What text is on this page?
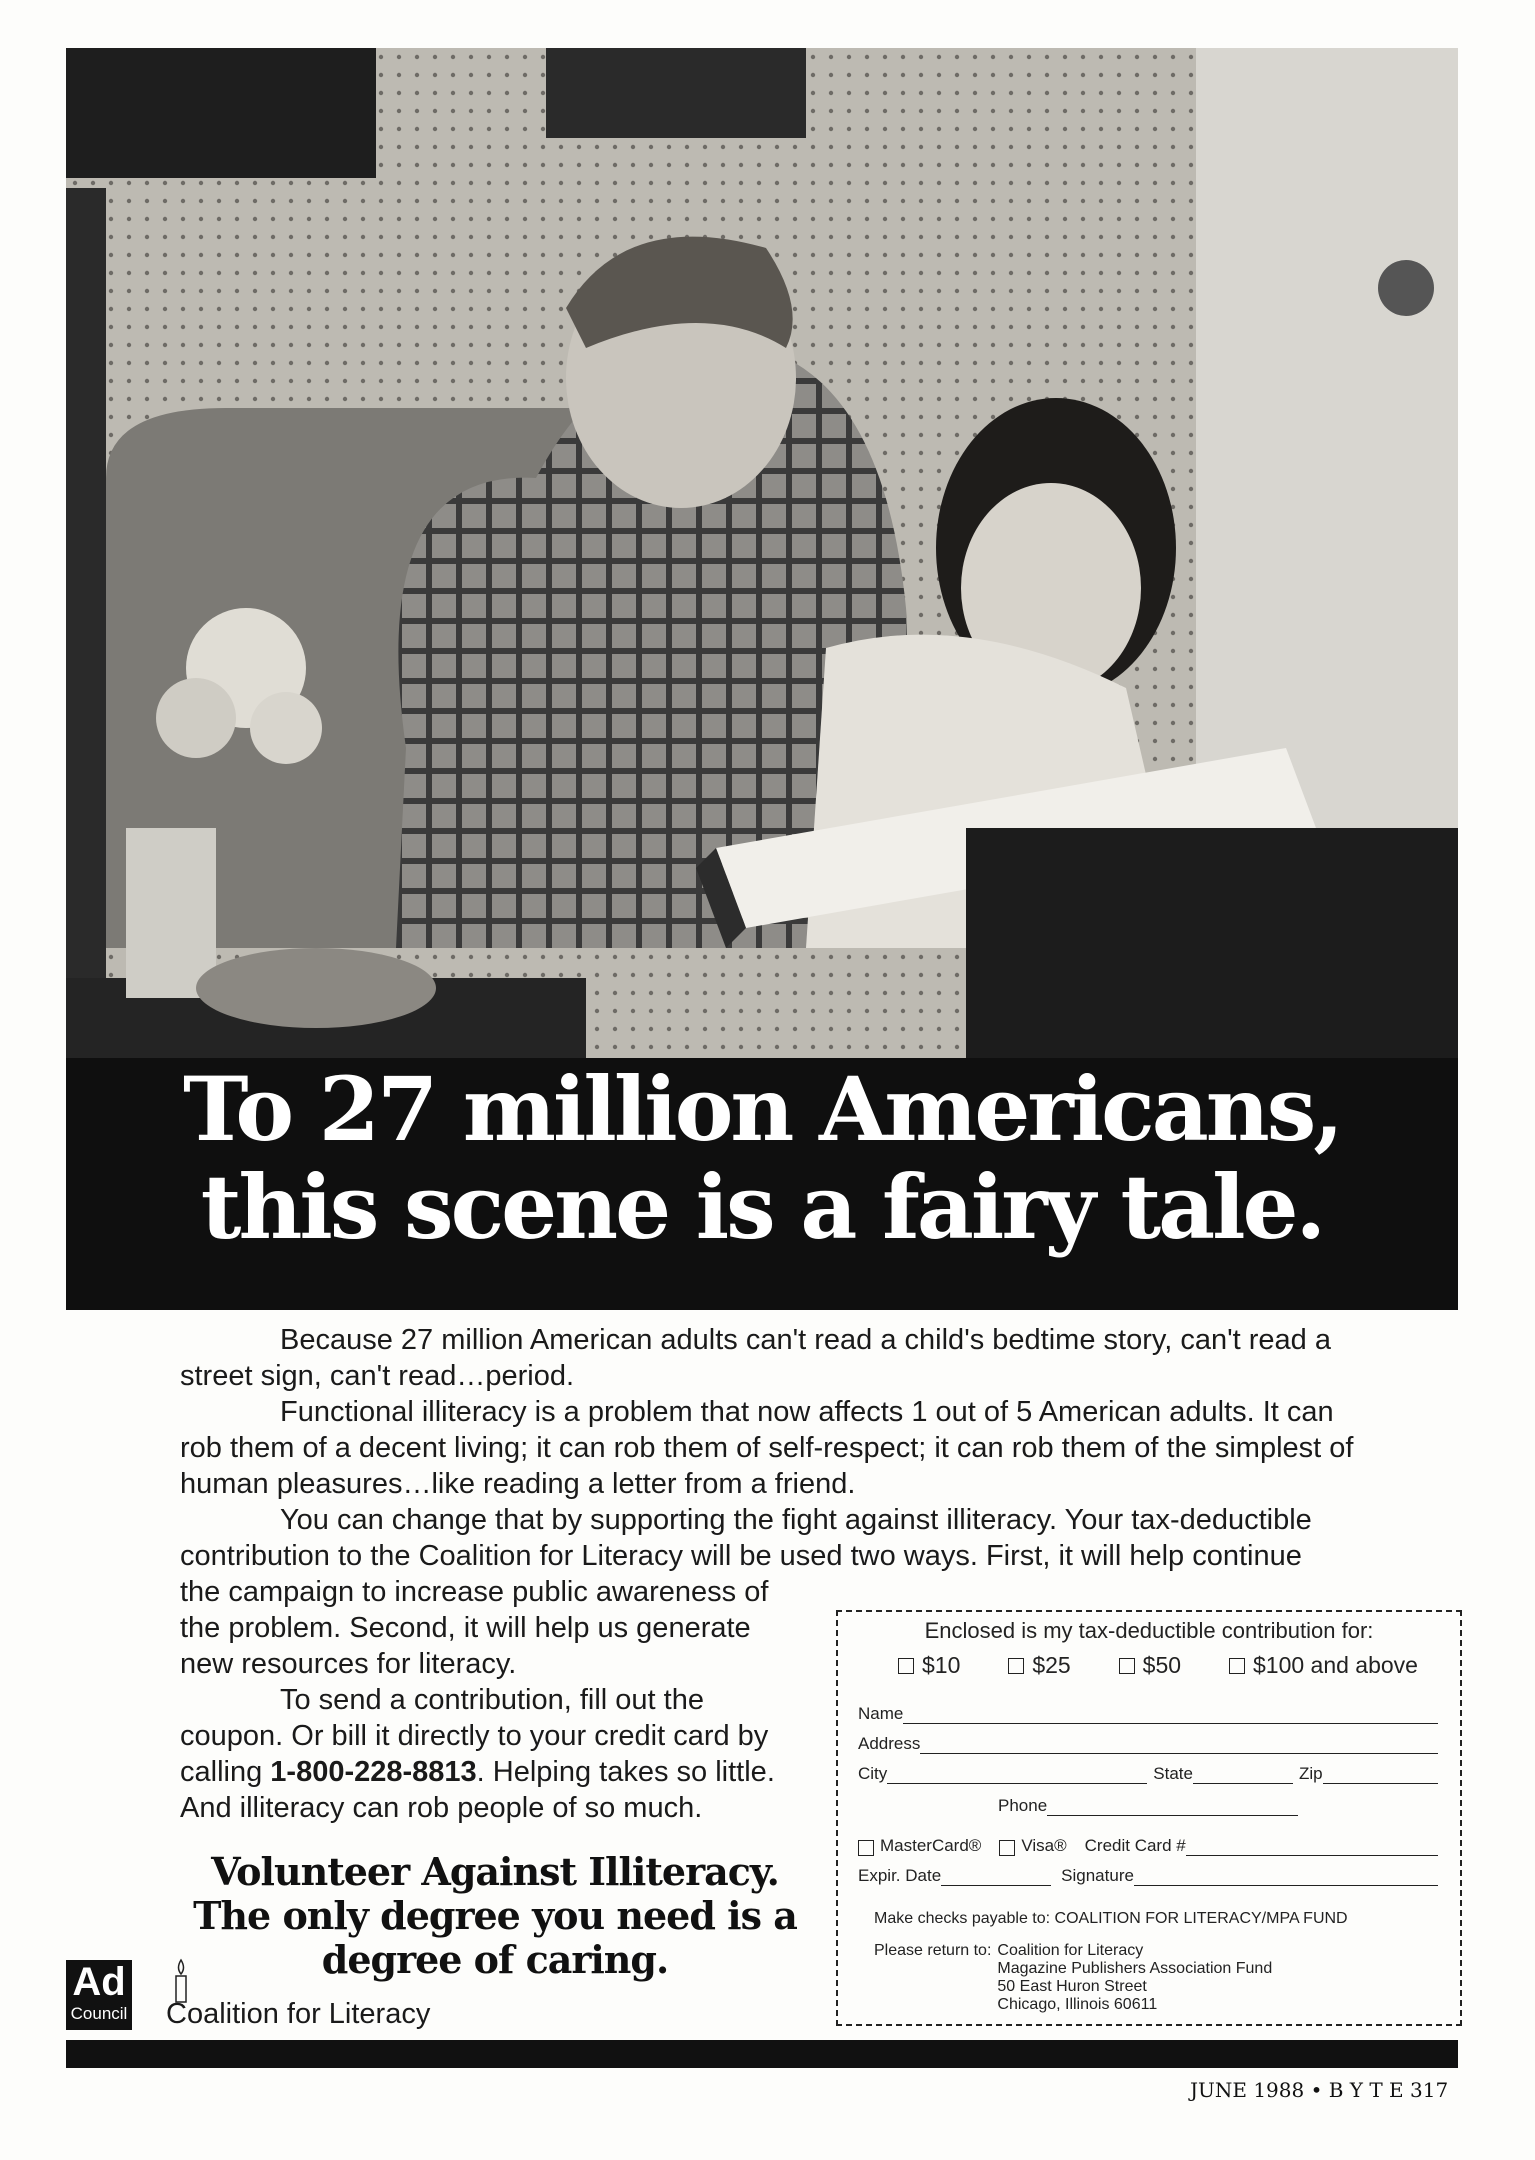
To 27 million Americans,
this scene is a fairy tale.

Because 27 million American adults can't read a child's bedtime story, can't read a street sign, can't read…period.

Functional illiteracy is a problem that now affects 1 out of 5 American adults. It can rob them of a decent living; it can rob them of self-respect; it can rob them of the simplest of human pleasures…like reading a letter from a friend.

You can change that by supporting the fight against illiteracy. Your tax-deductible contribution to the Coalition for Literacy will be used two ways. First, it will help continue

the campaign to increase public awareness of the problem. Second, it will help us generate new resources for literacy.

To send a contribution, fill out the coupon. Or bill it directly to your credit card by calling 1-800-228-8813. Helping takes so little. And illiteracy can rob people of so much.

Volunteer Against Illiteracy.
The only degree you need is a
degree of caring.
Ad
Council Coalition for Literacy
Enclosed is my tax-deductible contribution for:
$10	$25	$50	$100 and above
Name
Address
City	State	Zip
Phone
MasterCard® Visa® Credit Card #
Expir. Date	Signature
Make checks payable to: COALITION FOR LITERACY/MPA FUND
Please return to: Coalition for Literacy
Magazine Publishers Association Fund
50 East Huron Street
Chicago, Illinois 60611
JUNE 1988 • B Y T E 317
